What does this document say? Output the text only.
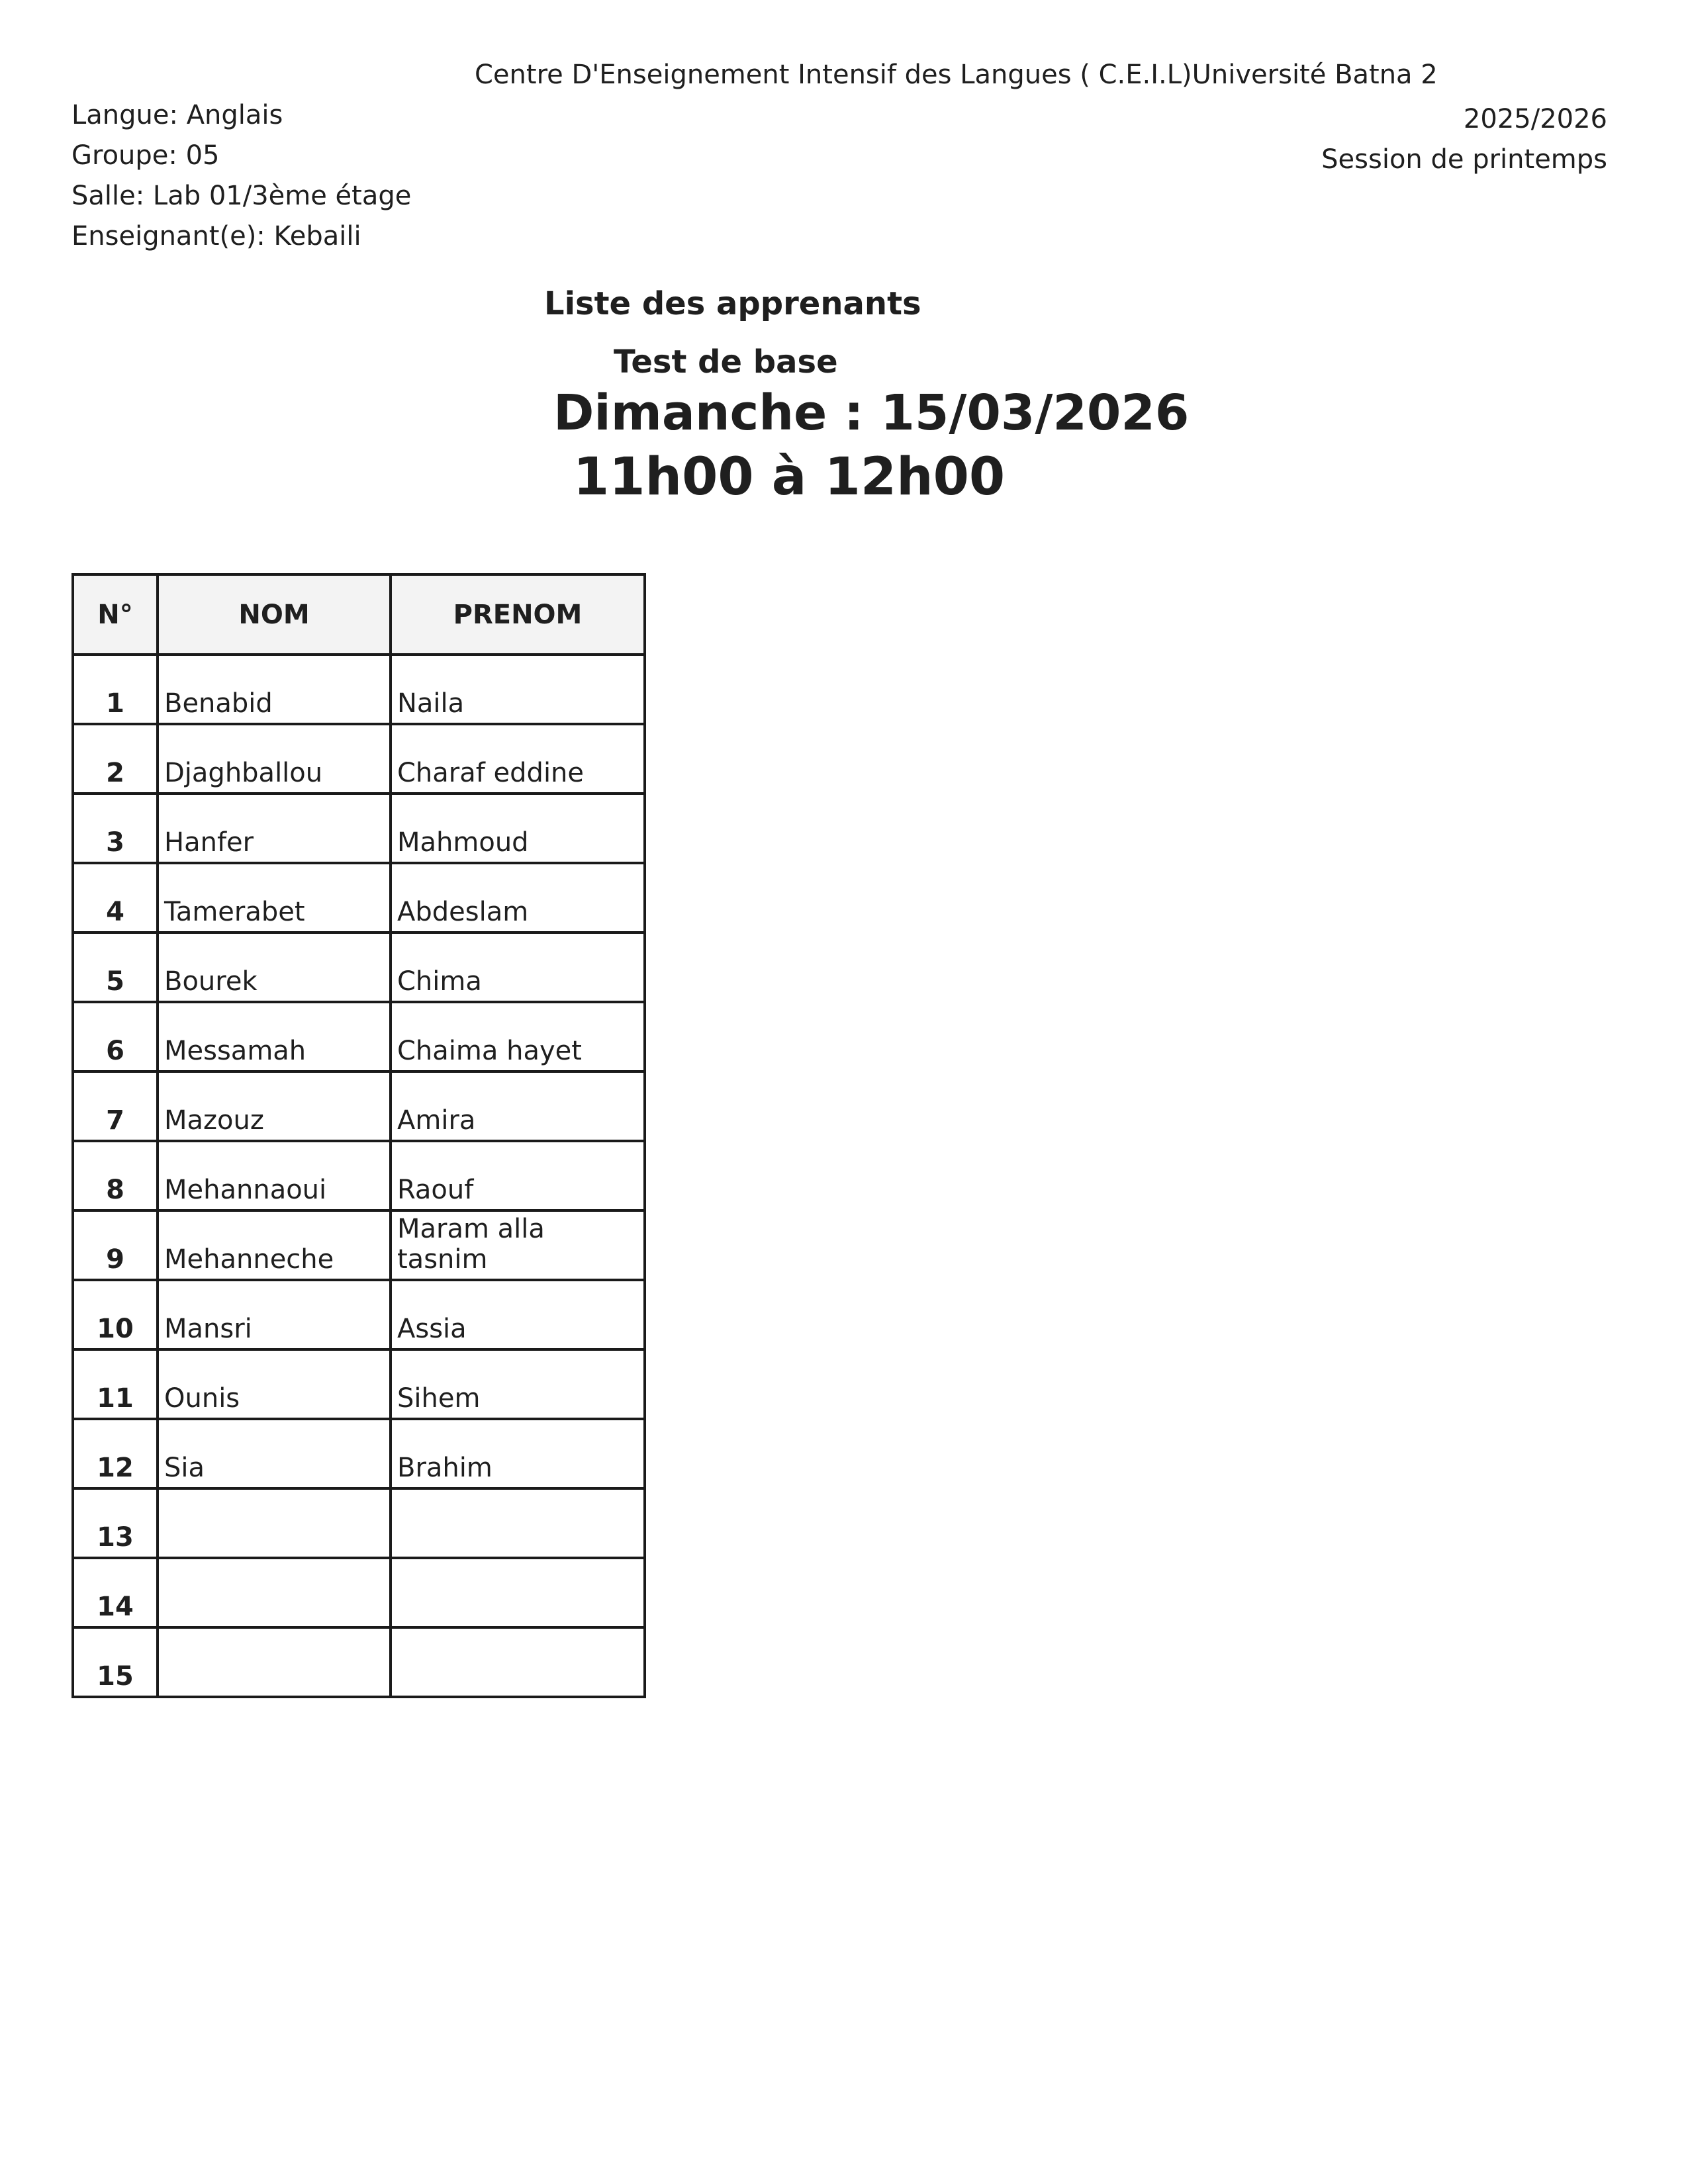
Centre D'Enseignement Intensif des Langues ( C.E.I.L)Université Batna 2
Langue: Anglais
Groupe: 05
Salle: Lab 01/3ème étage
Enseignant(e): Kebaili
2025/2026
Session de printemps
Liste des apprenants
Test de base
Dimanche : 15/03/2026
11h00 à 12h00
N°	NOM	PRENOM
1	Benabid	Naila
2	Djaghballou	Charaf eddine
3	Hanfer	Mahmoud
4	Tamerabet	Abdeslam
5	Bourek	Chima
6	Messamah	Chaima hayet
7	Mazouz	Amira
8	Mehannaoui	Raouf
9	Mehanneche	Maram alla tasnim
10	Mansri	Assia
11	Ounis	Sihem
12	Sia	Brahim
13		
14		
15		
